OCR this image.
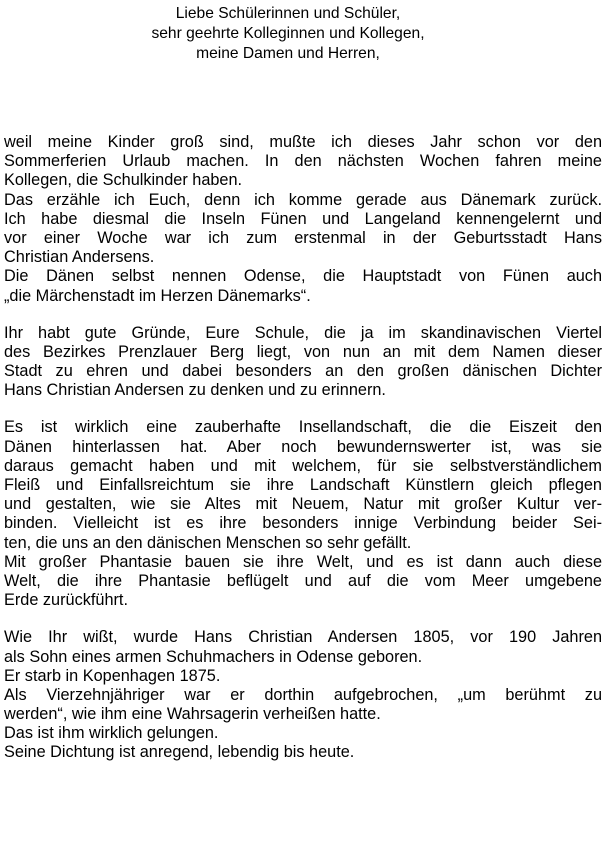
Liebe Schülerinnen und Schüler,
sehr geehrte Kolleginnen und Kollegen,
meine Damen und Herren,
weil meine Kinder groß sind, mußte ich dieses Jahr schon vor den
Sommerferien Urlaub machen. In den nächsten Wochen fahren meine
Kollegen, die Schulkinder haben.
Das erzähle ich Euch, denn ich komme gerade aus Dänemark zurück.
Ich habe diesmal die Inseln Fünen und Langeland kennengelernt und
vor einer Woche war ich zum erstenmal in der Geburtsstadt Hans
Christian Andersens.
Die Dänen selbst nennen Odense, die Hauptstadt von Fünen auch
„die Märchenstadt im Herzen Dänemarks“.
Ihr habt gute Gründe, Eure Schule, die ja im skandinavischen Viertel
des Bezirkes Prenzlauer Berg liegt, von nun an mit dem Namen dieser
Stadt zu ehren und dabei besonders an den großen dänischen Dichter
Hans Christian Andersen zu denken und zu erinnern.
Es ist wirklich eine zauberhafte Insellandschaft, die die Eiszeit den
Dänen hinterlassen hat. Aber noch bewundernswerter ist, was sie
daraus gemacht haben und mit welchem, für sie selbstverständlichem
Fleiß und Einfallsreichtum sie ihre Landschaft Künstlern gleich pflegen
und gestalten, wie sie Altes mit Neuem, Natur mit großer Kultur ver-
binden. Vielleicht ist es ihre besonders innige Verbindung beider Sei-
ten, die uns an den dänischen Menschen so sehr gefällt.
Mit großer Phantasie bauen sie ihre Welt, und es ist dann auch diese
Welt, die ihre Phantasie beflügelt und auf die vom Meer umgebene
Erde zurückführt.
Wie Ihr wißt, wurde Hans Christian Andersen 1805, vor 190 Jahren
als Sohn eines armen Schuhmachers in Odense geboren.
Er starb in Kopenhagen 1875.
Als Vierzehnjähriger war er dorthin aufgebrochen, „um berühmt zu
werden“, wie ihm eine Wahrsagerin verheißen hatte.
Das ist ihm wirklich gelungen.
Seine Dichtung ist anregend, lebendig bis heute.
